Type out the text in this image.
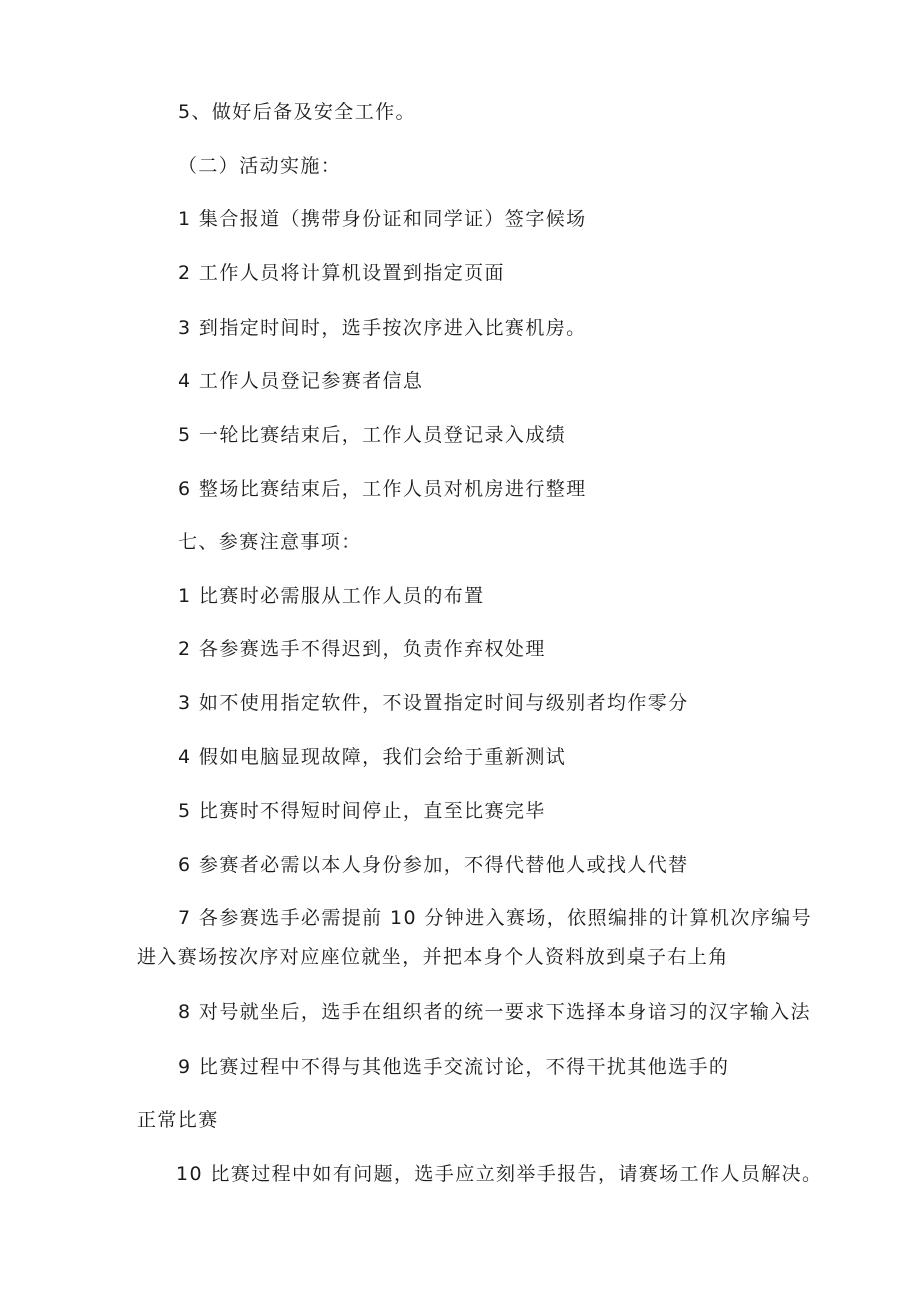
5、做好后备及安全工作。

（二）活动实施：

1 集合报道（携带身份证和同学证）签字候场

2 工作人员将计算机设置到指定页面

3 到指定时间时，选手按次序进入比赛机房。

4 工作人员登记参赛者信息

5 一轮比赛结束后，工作人员登记录入成绩

6 整场比赛结束后，工作人员对机房进行整理

七、参赛注意事项：

1 比赛时必需服从工作人员的布置

2 各参赛选手不得迟到，负责作弃权处理

3 如不使用指定软件，不设置指定时间与级别者均作零分

4 假如电脑显现故障，我们会给于重新测试

5 比赛时不得短时间停止，直至比赛完毕

6 参赛者必需以本人身份参加，不得代替他人或找人代替

7 各参赛选手必需提前 10 分钟进入赛场，依照编排的计算机次序编号

进入赛场按次序对应座位就坐，并把本身个人资料放到桌子右上角

8 对号就坐后，选手在组织者的统一要求下选择本身谙习的汉字输入法

9 比赛过程中不得与其他选手交流讨论，不得干扰其他选手的

正常比赛

10 比赛过程中如有问题，选手应立刻举手报告，请赛场工作人员解决。
